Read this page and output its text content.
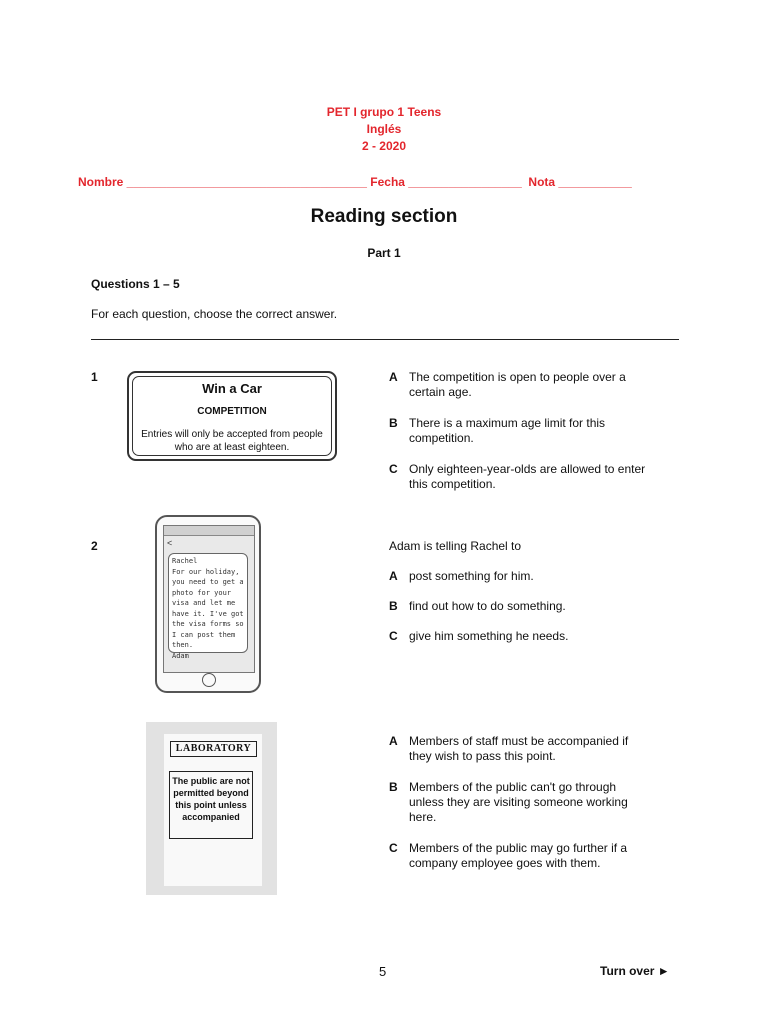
PET I grupo 1 Teens
Inglés
2 - 2020
Nombre ____________________________________ Fecha _________________  Nota ___________
Reading section
Part 1
Questions 1 – 5
For each question, choose the correct answer.
1
Win a Car
COMPETITION
Entries will only be accepted from people who are at least eighteen.
A The competition is open to people over a certain age.
B There is a maximum age limit for this competition.
C Only eighteen-year-olds are allowed to enter this competition.
2	<
Rachel
For our holiday, you need to get a photo for your visa and let me have it. I've got the visa forms so I can post them then.
Adam
Adam is telling Rachel to
A post something for him.
B find out how to do something.
C give him something he needs.
LABORATORY
The public are not permitted beyond this point unless accompanied
A Members of staff must be accompanied if they wish to pass this point.
B Members of the public can't go through unless they are visiting someone working here.
C Members of the public may go further if a company employee goes with them.
5	Turn over ►
